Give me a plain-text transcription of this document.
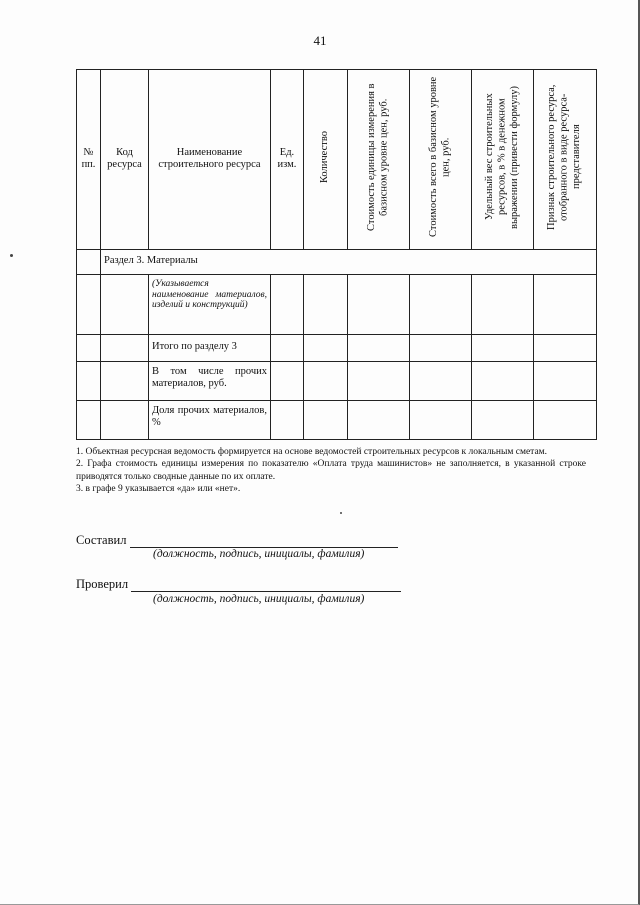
41
№ пп.	Код ресурса	Наименование строительного ресурса	Ед. изм.	Количество	Стоимость единицы измерения в базисном уровне цен, руб.	Стоимость всего в базисном уровне цен, руб.	Удельный вес строительных ресурсов, в % в денежном выражении (привести формулу)	Признак строительного ресурса, отобранного в виде ресурса-представителя
	Раздел 3. Материалы							
		(Указывается наименование материалов, изделий и конструкций)						
		Итого по разделу 3						
		В том числе прочих материалов, руб.						
		Доля прочих материалов, %						

1. Объектная ресурсная ведомость формируется на основе ведомостей строительных ресурсов к локальным сметам.

2. Графа стоимость единицы измерения по показателю «Оплата труда машинистов» не заполняется, в указанной строке приводятся только сводные данные по их оплате.

3. в графе 9 указывается «да» или «нет».

Составил
(должность, подпись, инициалы, фамилия)
Проверил
(должность, подпись, инициалы, фамилия)
